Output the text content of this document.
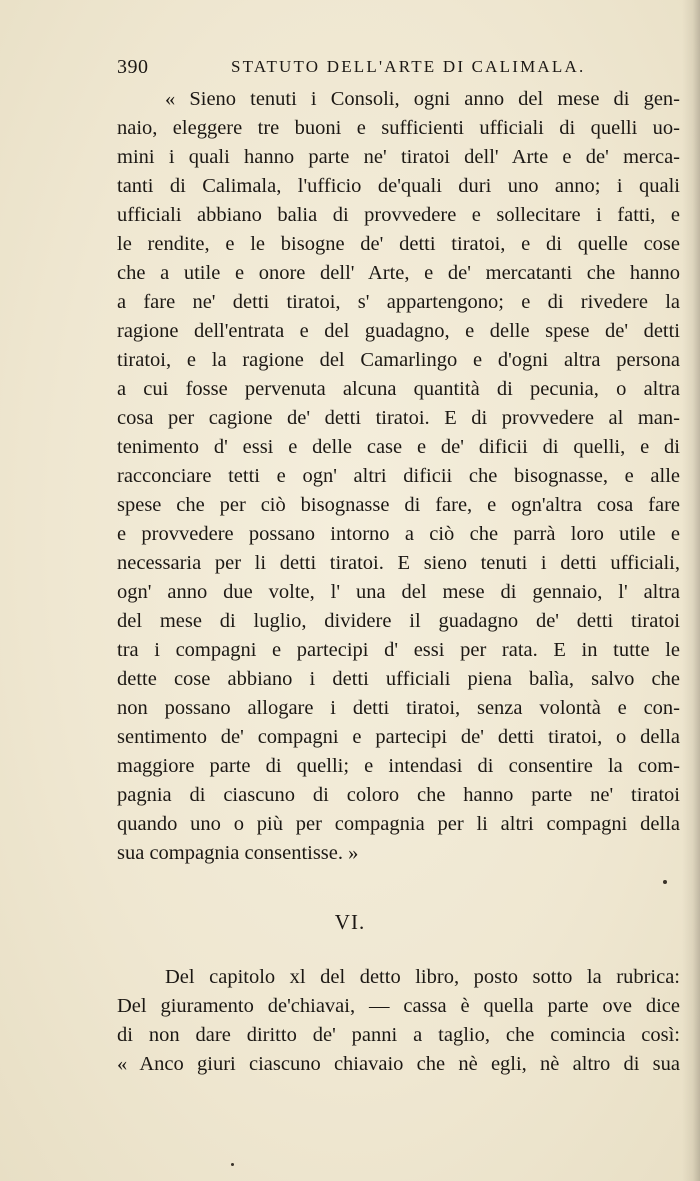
390	STATUTO DELL'ARTE DI CALIMALA.
« Sieno tenuti i Consoli, ogni anno del mese di gen-
naio, eleggere tre buoni e sufficienti ufficiali di quelli uo-
mini i quali hanno parte ne' tiratoi dell' Arte e de' merca-
tanti di Calimala, l'ufficio de'quali duri uno anno; i quali
ufficiali abbiano balia di provvedere e sollecitare i fatti, e
le rendite, e le bisogne de' detti tiratoi, e di quelle cose
che a utile e onore dell' Arte, e de' mercatanti che hanno
a fare ne' detti tiratoi, s' appartengono; e di rivedere la
ragione dell'entrata e del guadagno, e delle spese de' detti
tiratoi, e la ragione del Camarlingo e d'ogni altra persona
a cui fosse pervenuta alcuna quantità di pecunia, o altra
cosa per cagione de' detti tiratoi. E di provvedere al man-
tenimento d' essi e delle case e de' dificii di quelli, e di
racconciare tetti e ogn' altri dificii che bisognasse, e alle
spese che per ciò bisognasse di fare, e ogn'altra cosa fare
e provvedere possano intorno a ciò che parrà loro utile e
necessaria per li detti tiratoi. E sieno tenuti i detti ufficiali,
ogn' anno due volte, l' una del mese di gennaio, l' altra
del mese di luglio, dividere il guadagno de' detti tiratoi
tra i compagni e partecipi d' essi per rata. E in tutte le
dette cose abbiano i detti ufficiali piena balìa, salvo che
non possano allogare i detti tiratoi, senza volontà e con-
sentimento de' compagni e partecipi de' detti tiratoi, o della
maggiore parte di quelli; e intendasi di consentire la com-
pagnia di ciascuno di coloro che hanno parte ne' tiratoi
quando uno o più per compagnia per li altri compagni della
sua compagnia consentisse. »
VI.
Del capitolo xl del detto libro, posto sotto la rubrica:
Del giuramento de'chiavai, — cassa è quella parte ove dice
di non dare diritto de' panni a taglio, che comincia così:
« Anco giuri ciascuno chiavaio che nè egli, nè altro di sua
